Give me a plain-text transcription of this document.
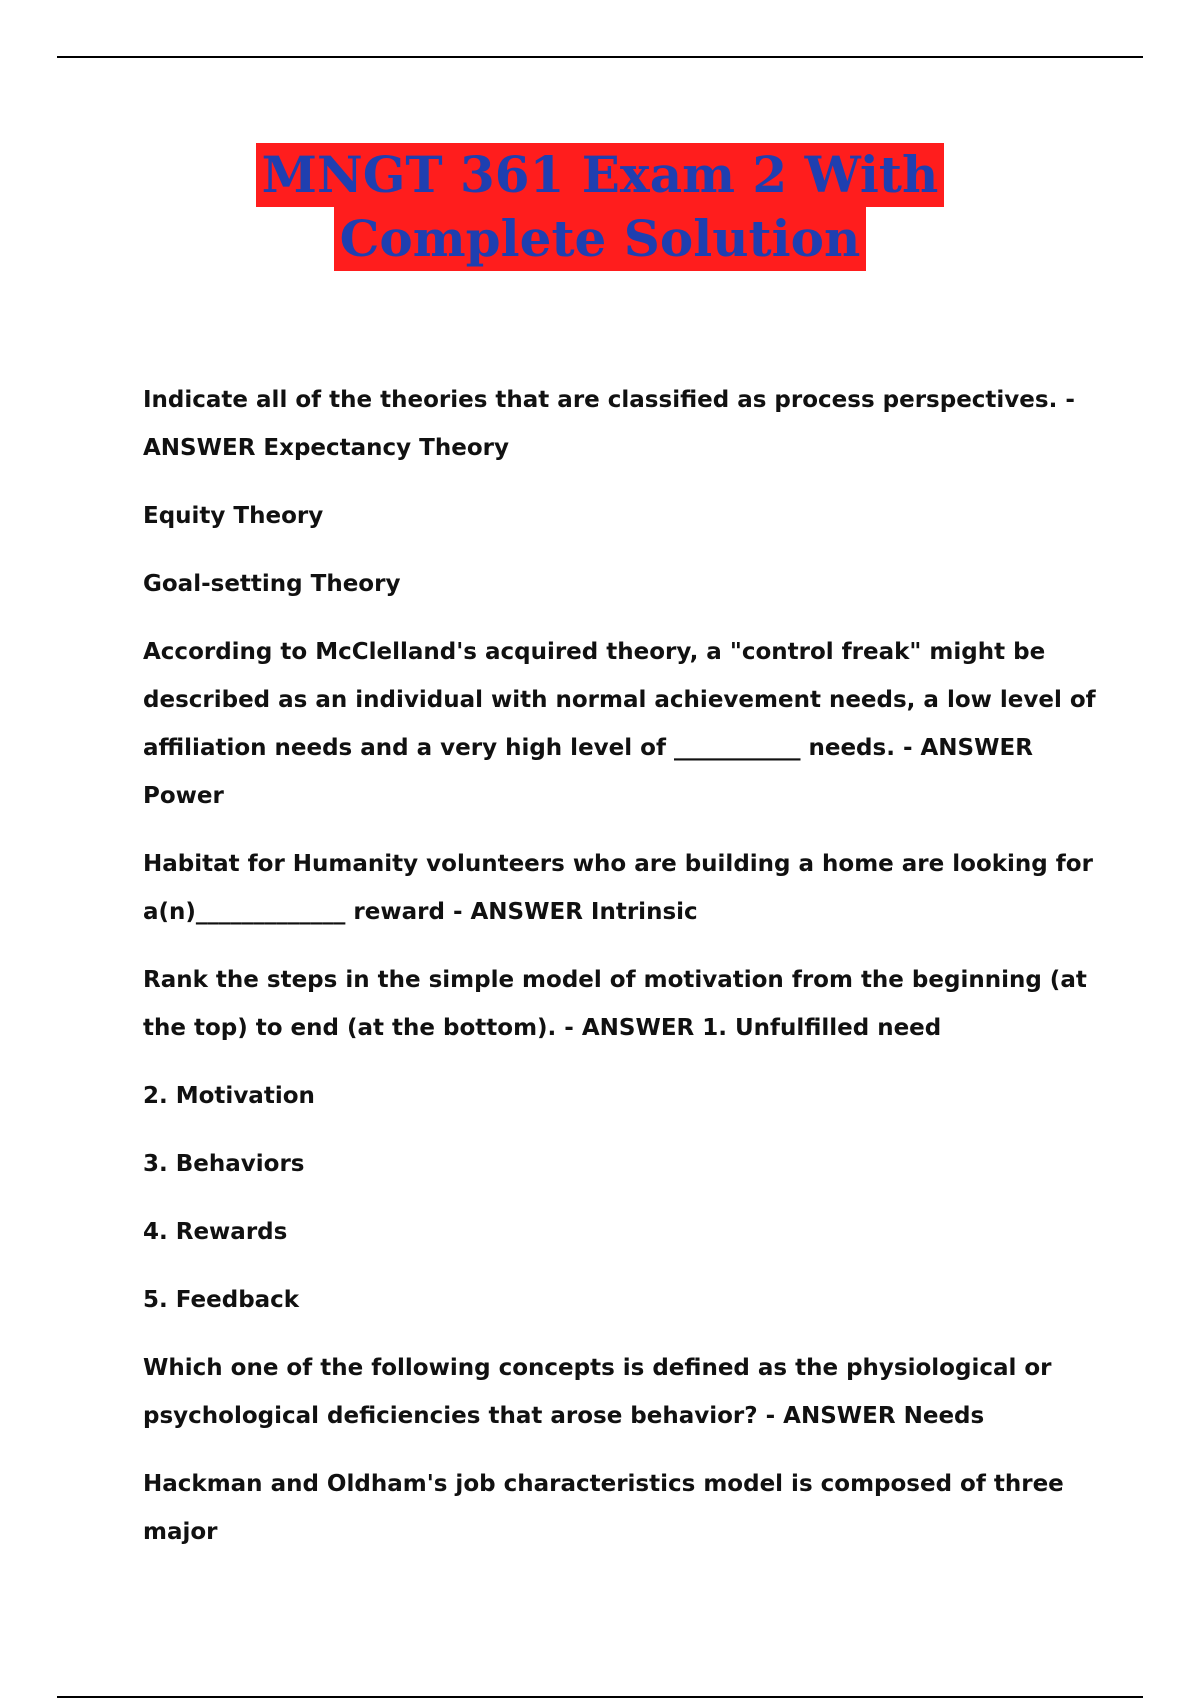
MNGT 361 Exam 2 With
Complete Solution

Indicate all of the theories that are classified as process perspectives. - ANSWER Expectancy Theory

Equity Theory

Goal-setting Theory

According to McClelland's acquired theory, a "control freak" might be described as an individual with normal achievement needs, a low level of affiliation needs and a very high level of ___________ needs. - ANSWER Power

Habitat for Humanity volunteers who are building a home are looking for a(n)_____________ reward - ANSWER Intrinsic

Rank the steps in the simple model of motivation from the beginning (at the top) to end (at the bottom). - ANSWER 1. Unfulfilled need

2. Motivation

3. Behaviors

4. Rewards

5. Feedback

Which one of the following concepts is defined as the physiological or psychological deficiencies that arose behavior? - ANSWER Needs

Hackman and Oldham's job characteristics model is composed of three major
